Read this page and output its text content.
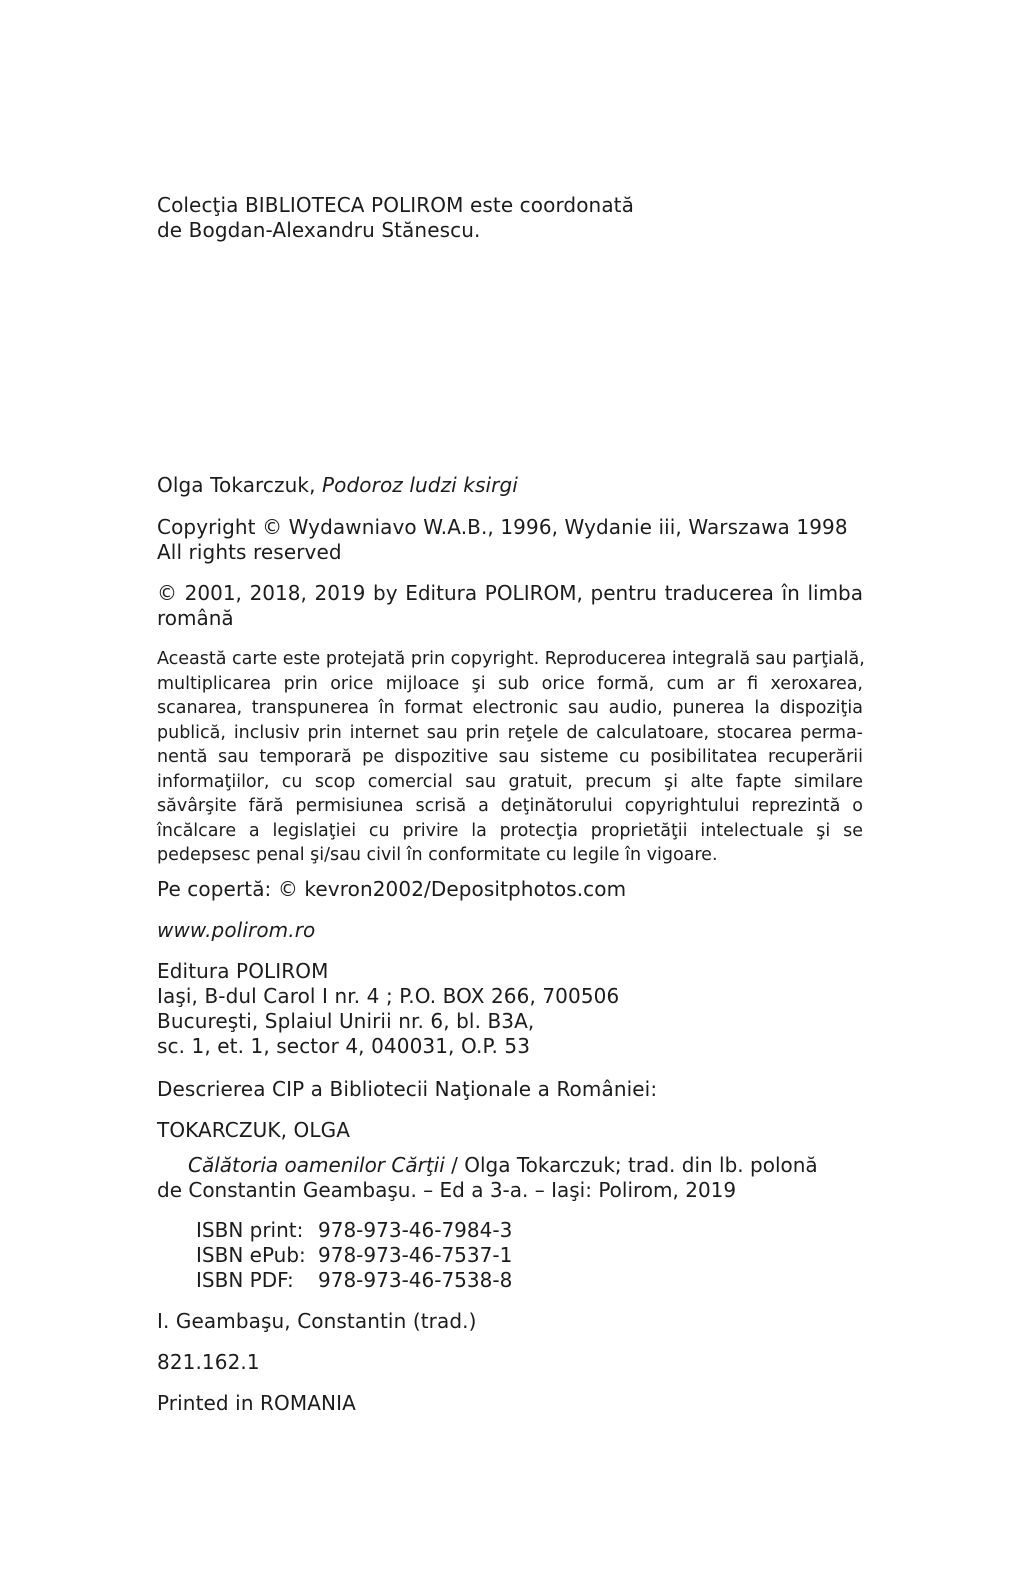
Colecţia BIBLIOTECA POLIROM este coordonată
de Bogdan-Alexandru Stănescu.
Olga Tokarczuk, Podoroz ludzi ksirgi
Copyright © Wydawniavo W.A.B., 1996, Wydanie iii, Warszawa 1998
All rights reserved
© 2001, 2018, 2019 by Editura POLIROM, pentru traducerea în limba
română
Această carte este protejată prin copyright. Reproducerea integrală sau parţială,
multiplicarea prin orice mijloace şi sub orice formă, cum ar fi xeroxarea,
scanarea, transpunerea în format electronic sau audio, punerea la dispoziţia
publică, inclusiv prin internet sau prin reţele de calculatoare, stocarea perma-
nentă sau temporară pe dispozitive sau sisteme cu posibilitatea recuperării
informaţiilor, cu scop comercial sau gratuit, precum şi alte fapte similare
săvârşite fără permisiunea scrisă a deţinătorului copyrightului reprezintă o
încălcare a legislaţiei cu privire la protecţia proprietăţii intelectuale şi se
pedepsesc penal şi/sau civil în conformitate cu legile în vigoare.
Pe copertă: © kevron2002/Depositphotos.com
www.polirom.ro
Editura POLIROM
Iaşi, B-dul Carol I nr. 4 ; P.O. BOX 266, 700506
Bucureşti, Splaiul Unirii nr. 6, bl. B3A,
sc. 1, et. 1, sector 4, 040031, O.P. 53
Descrierea CIP a Bibliotecii Naţionale a României:
TOKARCZUK, OLGA
Călătoria oamenilor Cărţii / Olga Tokarczuk; trad. din lb. polonă
de Constantin Geambaşu. – Ed a 3-a. – Iaşi: Polirom, 2019
ISBN print: 978-973-46-7984-3
ISBN ePub: 978-973-46-7537-1
ISBN PDF:	978-973-46-7538-8
I. Geambaşu, Constantin (trad.)
821.162.1
Printed in ROMANIA
